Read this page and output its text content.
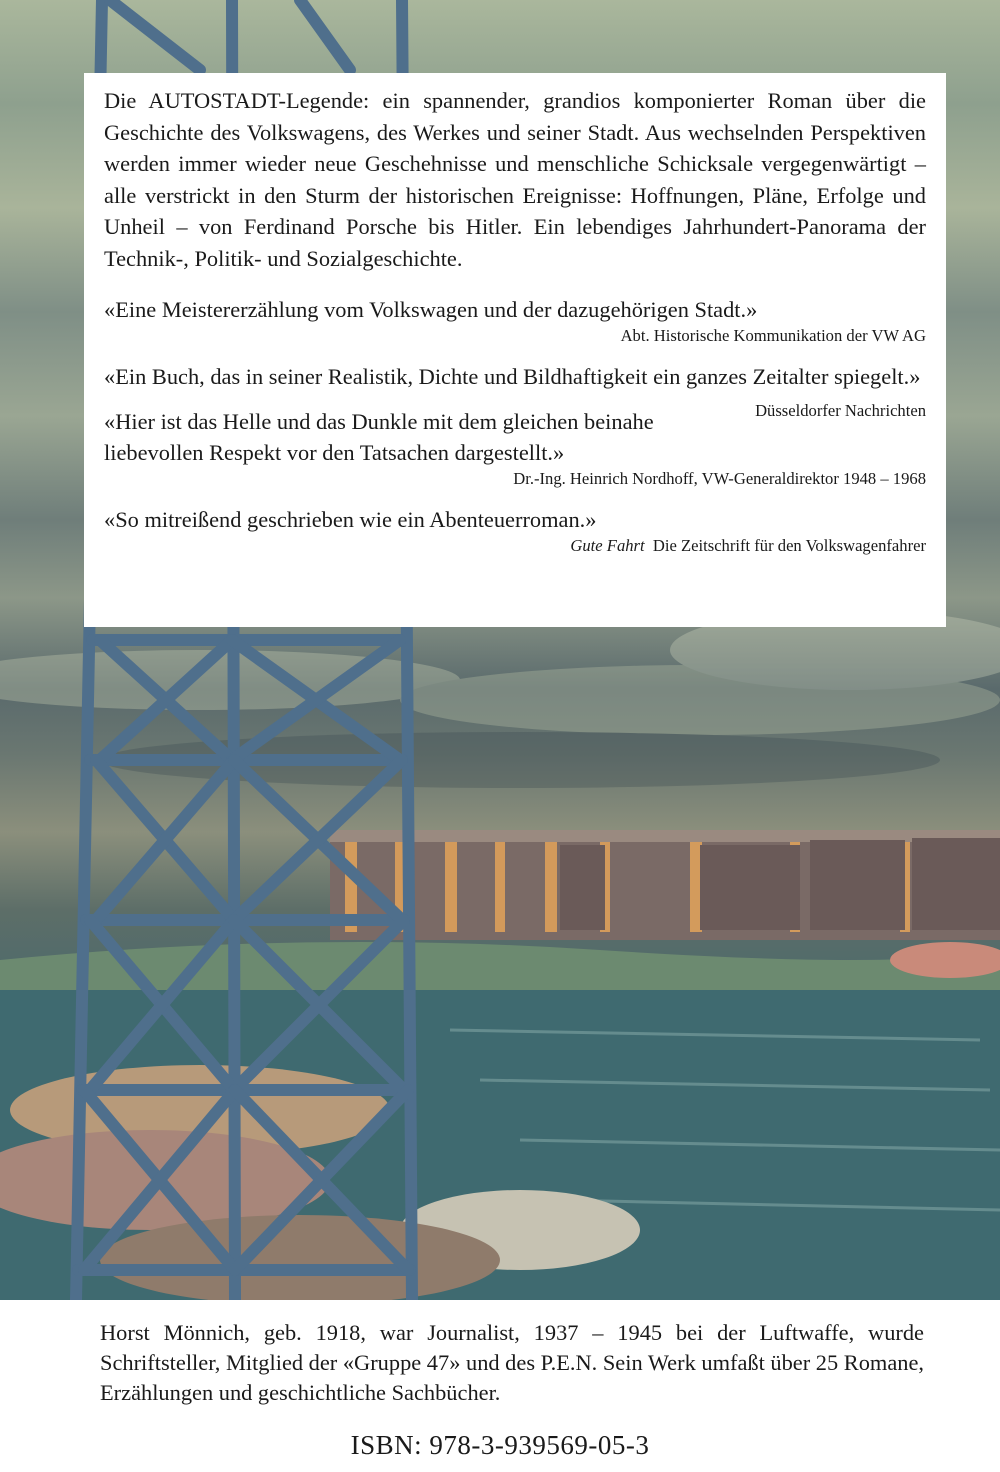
Die AUTOSTADT-Legende: ein spannender, grandios komponierter Roman über die Geschichte des Volkswagens, des Werkes und seiner Stadt. Aus wechselnden Perspektiven werden immer wieder neue Geschehnisse und menschliche Schicksale vergegenwärtigt – alle verstrickt in den Sturm der historischen Ereignisse: Hoffnungen, Pläne, Erfolge und Unheil – von Ferdinand Porsche bis Hitler. Ein lebendiges Jahrhundert-Panorama der Technik-, Politik- und Sozialgeschichte.

«Eine Meistererzählung vom Volkswagen und der dazugehörigen Stadt.»

Abt. Historische Kommunikation der VW AG

«Ein Buch, das in seiner Realistik, Dichte und Bildhaftigkeit ein ganzes Zeitalter spiegelt.»
Düsseldorfer Nachrichten

«Hier ist das Helle und das Dunkle mit dem gleichen beinahe liebevollen Respekt vor den Tatsachen dargestellt.»

Dr.-Ing. Heinrich Nordhoff, VW-Generaldirektor 1948 – 1968

«So mitreißend geschrieben wie ein Abenteuerroman.»

Gute Fahrt Die Zeitschrift für den Volkswagenfahrer

Horst Mönnich, geb. 1918, war Journalist, 1937 – 1945 bei der Luftwaffe, wurde Schriftsteller, Mitglied der «Gruppe 47» und des P.E.N. Sein Werk umfaßt über 25 Romane, Erzählungen und geschichtliche Sachbücher.

ISBN: 978-3-939569-05-3
